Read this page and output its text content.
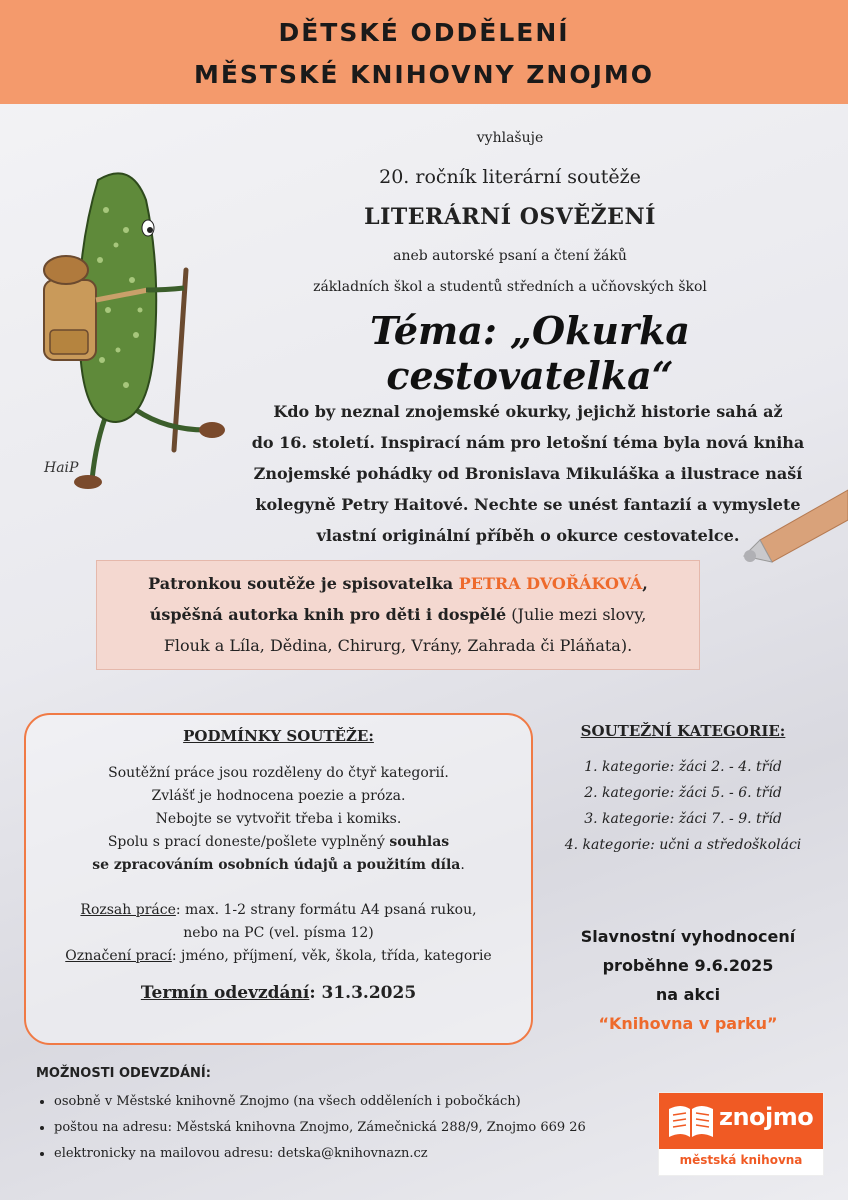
DĚTSKÉ ODDĚLENÍ
MĚSTSKÉ KNIHOVNY ZNOJMO
HaiP
vyhlašuje
20. ročník literární soutěže
LITERÁRNÍ OSVĚŽENÍ
aneb autorské psaní a čtení žáků
základních škol a studentů středních a učňovských škol
Téma: „Okurka cestovatelka“
Kdo by neznal znojemské okurky, jejichž historie sahá až
do 16. století. Inspirací nám pro letošní téma byla nová kniha
Znojemské pohádky od Bronislava Mikuláška a ilustrace naší
kolegyně Petry Haitové. Nechte se unést fantazií a vymyslete
vlastní originální příběh o okurce cestovatelce.
Patronkou soutěže je spisovatelka PETRA DVOŘÁKOVÁ,
úspěšná autorka knih pro děti i dospělé (Julie mezi slovy,
Flouk a Líla, Dědina, Chirurg, Vrány, Zahrada či Pláňata).
PODMÍNKY SOUTĚŽE:
Soutěžní práce jsou rozděleny do čtyř kategorií.
Zvlášť je hodnocena poezie a próza.
Nebojte se vytvořit třeba i komiks.
Spolu s prací doneste/pošlete vyplněný souhlas
se zpracováním osobních údajů a použitím díla.
Rozsah práce: max. 1-2 strany formátu A4 psaná rukou,
nebo na PC (vel. písma 12)
Označení prací: jméno, příjmení, věk, škola, třída, kategorie
Termín odevzdání: 31.3.2025
SOUTEŽNÍ KATEGORIE:
1. kategorie: žáci 2. - 4. tříd
2. kategorie: žáci 5. - 6. tříd
3. kategorie: žáci 7. - 9. tříd
4. kategorie: učni a středoškoláci
Slavnostní vyhodnocení
proběhne 9.6.2025
na akci
“Knihovna v parku”
MOŽNOSTI ODEVZDÁNÍ:
• osobně v Městské knihovně Znojmo (na všech odděleních i pobočkách)
• poštou na adresu: Městská knihovna Znojmo, Zámečnická 288/9, Znojmo 669 26
• elektronicky na mailovou adresu: detska@knihovnazn.cz
znojmo
městská knihovna
